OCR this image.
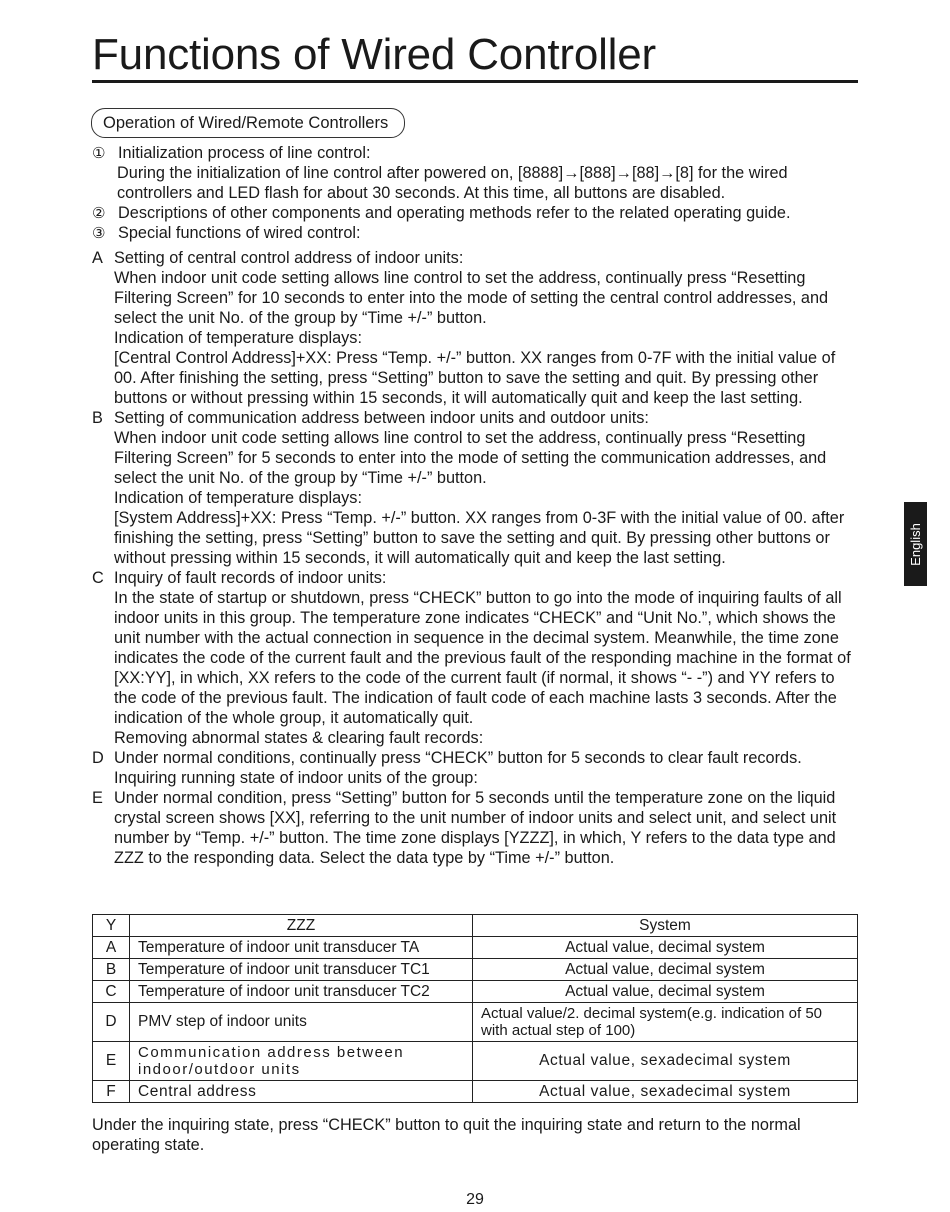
Functions of Wired Controller
Operation of Wired/Remote Controllers
① Initialization process of line control:
During the initialization of line control after powered on, [8888]→[888]→[88]→[8] for the wired controllers and LED flash for about 30 seconds. At this time, all buttons are disabled.
② Descriptions of other components and operating methods refer to the related operating guide.
③ Special functions of wired control:
A Setting of central control address of indoor units:
When indoor unit code setting allows line control to set the address, continually press “Resetting Filtering Screen” for 10 seconds to enter into the mode of setting the central control addresses, and select the unit No. of the group by “Time +/-” button.
Indication of temperature displays:
[Central Control Address]+XX: Press “Temp. +/-” button. XX ranges from 0-7F with the initial value of 00. After finishing the setting, press “Setting” button to save the setting and quit. By pressing other buttons or without pressing within 15 seconds, it will automatically quit and keep the last setting.
B Setting of communication address between indoor units and outdoor units:
When indoor unit code setting allows line control to set the address, continually press “Resetting Filtering Screen” for 5 seconds to enter into the mode of setting the communication addresses, and select the unit No. of the group by “Time +/-” button.
Indication of temperature displays:
[System Address]+XX: Press “Temp. +/-” button. XX ranges from 0-3F with the initial value of 00. after finishing the setting, press “Setting” button to save the setting and quit. By pressing other buttons or without pressing within 15 seconds, it will automatically quit and keep the last setting.
C Inquiry of fault records of indoor units:
In the state of startup or shutdown, press “CHECK” button to go into the mode of inquiring faults of all indoor units in this group. The temperature zone indicates “CHECK” and “Unit No.”, which shows the unit number with the actual connection in sequence in the decimal system. Meanwhile, the time zone indicates the code of the current fault and the previous fault of the responding machine in the format of [XX:YY], in which, XX refers to the code of the current fault (if normal, it shows “- -”) and YY refers to the code of the previous fault. The indication of fault code of each machine lasts 3 seconds. After the indication of the whole group, it automatically quit.
Removing abnormal states & clearing fault records:
D Under normal conditions, continually press “CHECK” button for 5 seconds to clear fault records.
Inquiring running state of indoor units of the group:
E Under normal condition, press “Setting” button for 5 seconds until the temperature zone on the liquid crystal screen shows [XX], referring to the unit number of indoor units and select unit, and select unit number by “Temp. +/-” button. The time zone displays [YZZZ], in which, Y refers to the data type and ZZZ to the responding data. Select the data type by “Time +/-” button.
Y	ZZZ	System
A	Temperature of indoor unit transducer TA	Actual value, decimal system
B	Temperature of indoor unit transducer TC1	Actual value, decimal system
C	Temperature of indoor unit transducer TC2	Actual value, decimal system
D	PMV step of indoor units	Actual value/2. decimal system(e.g. indication of 50 with actual step of 100)
E	Communication address between indoor/outdoor units	Actual value, sexadecimal system
F	Central address	Actual value, sexadecimal system
Under the inquiring state, press “CHECK” button to quit the inquiring state and return to the normal operating state.
29
English
